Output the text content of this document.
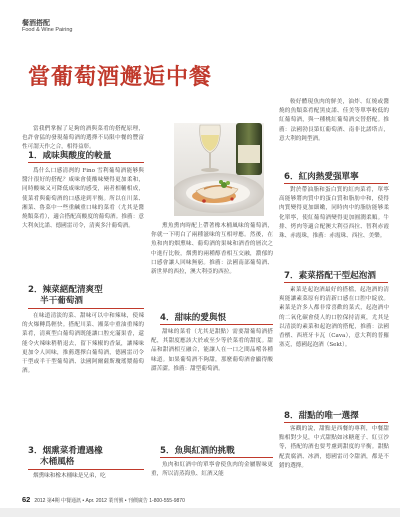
餐酒搭配
Food & Wine Pairing
當葡萄酒邂逅中餐

當我們掌握了足夠的酒與菜肴的搭配原理，也許會猛的發現葡萄酒的選擇不局限中餐的豐富性可謂天作之合，相得益彰。

1．咸味與酸度的較量

爲什么口感清冽的 Fino 雪利葡萄酒能够與醬汁很好的搭配？咸味會使酸味變得更加柔和，同時酸味又可降低咸味的感受，兩者相輔相成，使菜肴與葡萄酒的口感達到平衡。所以在川菜、湘菜、魯菜中一些重鹹重口味的菜肴（尤其是醬燒類菜肴），適合搭配高酸度的葡萄酒。推薦：意大利灰比諾、德國雷司令，清爽多汁葡萄酒。

2．辣菜絕配清爽型
半干葡萄酒

在味道清淡的菜、甜味可以中和辣味，使辣的火爆轉爲輕快。搭配川菜、湘菜中重油重辣的菜肴，清爽型白葡萄酒既能讓口腔充滿果香，還能令火辣味稍稍退去，留下辣椒的香氣，讓辣味更加令人回味，推薦選擇白葡萄酒，德國雷司令干型或半干型葡萄酒、法國阿爾薩斯瓊瑤漿葡萄酒。

3．烟熏菜肴遭遇橡
木桶風格

烟熏味和橡木桶味是兄弟，吃

熏魚熏肉時配上帶著橡木桶風味的葡萄酒，你就一下明白了兩種滋味的互相呼應。然後，在魚和肉的烟熏味、葡萄酒的果味和酒香的層次之中進行比較，烟熏的兩種醇香相互交融，濃郁的口感會讓人回味無窮。推薦：法國南部葡萄酒、新世界的西拉，澳大利亞的西拉。

4．甜味的愛與恨

甜味的菜肴（尤其是甜點）需要甜葡萄酒搭配，其甜度應該大於或至少等於菜肴的甜度。甜品和甜酒相互融合，能讓人在一口之間品嚐各種味道。如果葡萄酒不夠甜，那麼葡萄酒會顯得酸澀苦澀。推薦：甜型葡萄酒。

5．魚與紅酒的挑戰

魚肉和紅酒中的單寧會使魚肉的金屬腥味更重，所以清蒸海魚、紅酒又能

較好體現魚肉的鮮美，油炸、紅燒或醬燒的魚類菜肴配黑皮諾、佳美等單寧較低的紅葡萄酒，與一種桃紅葡萄酒交替搭配。推薦：法國勃艮第紅葡萄酒、南非比諾塔吉，意大利的鈍型酒。

6．紅肉熱愛强單寧

對於帶油脂和蛋白質的紅肉菜肴，單寧高能够將肉質中的蛋白質和脂肪中和，使得肉質變得更加細嫩，同時肉中的脂肪能够柔化單寧，使紅葡萄酒變得更加圓潤柔順。牛排、烤肉等適合配澳大利亞西拉、智利赤霞珠、赤霞珠，推薦：赤霞珠、西拉、美樂。

7．素菜搭配干型起泡酒

素菜是起泡酒最好的搭檔，起泡酒的清爽能讓素菜原有的清新口感在口腔中綻放。素菜是許多人都非常喜歡的菜式，起泡酒中的二氧化碳會使人的口腔保持清爽，尤其是以清淡的素菜和起泡酒的搭配，推薦：法國香檳、西班牙卡瓦（Cava），意大利的普羅塞克，德國起泡酒（Sekt）。

8．甜點的唯一選擇

客觀的說，甜點是西餐的專利，中餐甜點相對少見，中式甜點如冰糖蓮子、紅豆沙等，搭配的酒也要考慮到甜度的平衡。甜點配貴腐酒、冰酒，德國雷司令甜酒，都是不錯的選擇。

62 2012 第4期 中餐通訊 • Apr. 2012 業刊號 • 刊價廣告 1-800-555-9870
